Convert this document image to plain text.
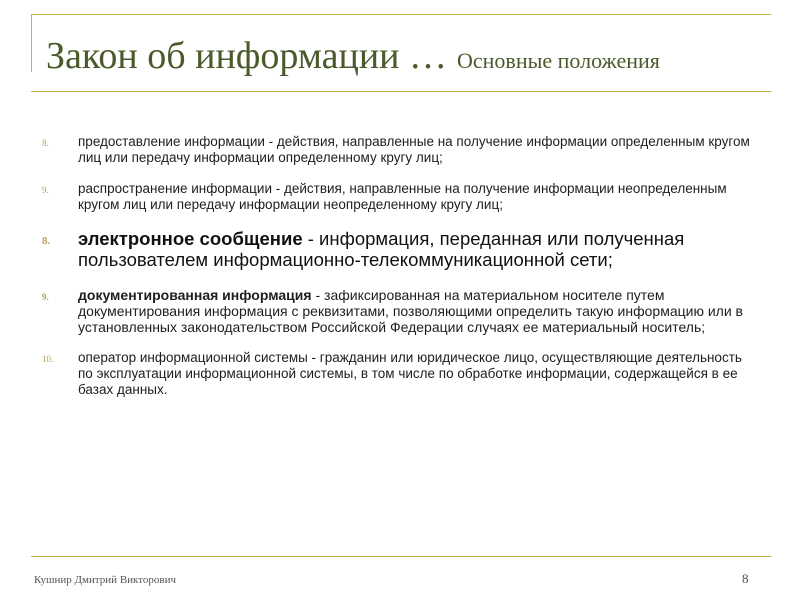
Закон об информации … Основные положения
8. предоставление информации - действия, направленные на получение информации определенным кругом лиц или передачу информации определенному кругу лиц;
9. распространение информации - действия, направленные на получение информации неопределенным кругом лиц или передачу информации неопределенному кругу лиц;
8. электронное сообщение - информация, переданная или полученная пользователем информационно-телекоммуникационной сети;
9. документированная информация - зафиксированная на материальном носителе путем документирования информация с реквизитами, позволяющими определить такую информацию или в установленных законодательством Российской Федерации случаях ее материальный носитель;
10. оператор информационной системы - гражданин или юридическое лицо, осуществляющие деятельность по эксплуатации информационной системы, в том числе по обработке информации, содержащейся в ее базах данных.
Кушнир Дмитрий Викторович	8
